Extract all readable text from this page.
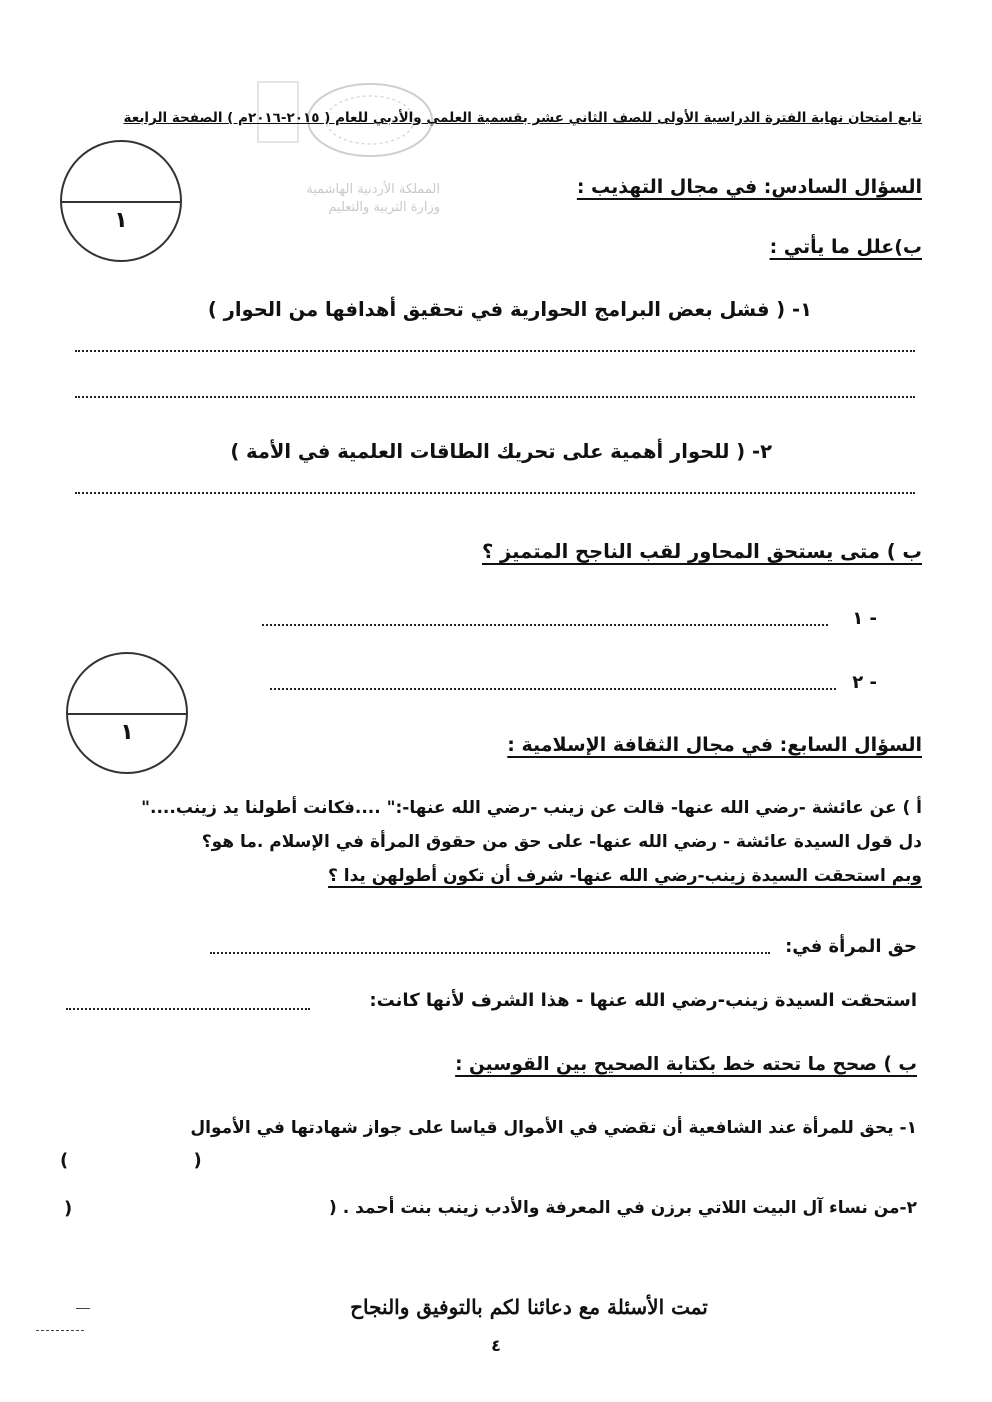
المملكة الأردنية الهاشمية
وزارة التربية والتعليم
تابع امتحان نهاية الفترة الدراسية الأولى للصف الثاني عشر بقسمية العلمي والأدبي للعام ( ٢٠١٥-٢٠١٦م ) الصفحة الرابعة
١
السؤال السادس: في مجال التهذيب :
ب)علل ما يأتي :
١- ( فشل بعض البرامج الحوارية في تحقيق أهدافها من الحوار )
٢- ( للحوار أهمية على تحريك الطاقات العلمية في الأمة )
ب ) متى يستحق المحاور لقب الناجح المتميز ؟
١ -
٢ -
١	السؤال السابع: في مجال الثقافة الإسلامية :
أ ) عن عائشة -رضي الله عنها- قالت عن زينب -رضي الله عنها-:" ....فكانت أطولنا يد زينب...."
دل قول السيدة عائشة - رضي الله عنها- على حق من حقوق المرأة في الإسلام .ما هو؟
وبم استحقت السيدة زينب-رضي الله عنها- شرف أن تكون أطولهن يدا ؟
حق المرأة في:
استحقت السيدة زينب-رضي الله عنها - هذا الشرف لأنها كانت:
ب ) صحح ما تحته خط بكتابة الصحيح بين القوسين :
١- يحق للمرأة عند الشافعية أن تقضي في الأموال قياسا على جواز شهادتها في الأموال
(                    )
٢-من نساء آل البيت اللاتي برزن في المعرفة والأدب زينب بنت أحمد . (
)
تمت الأسئلة مع دعائنا لكم بالتوفيق والنجاح
٤
